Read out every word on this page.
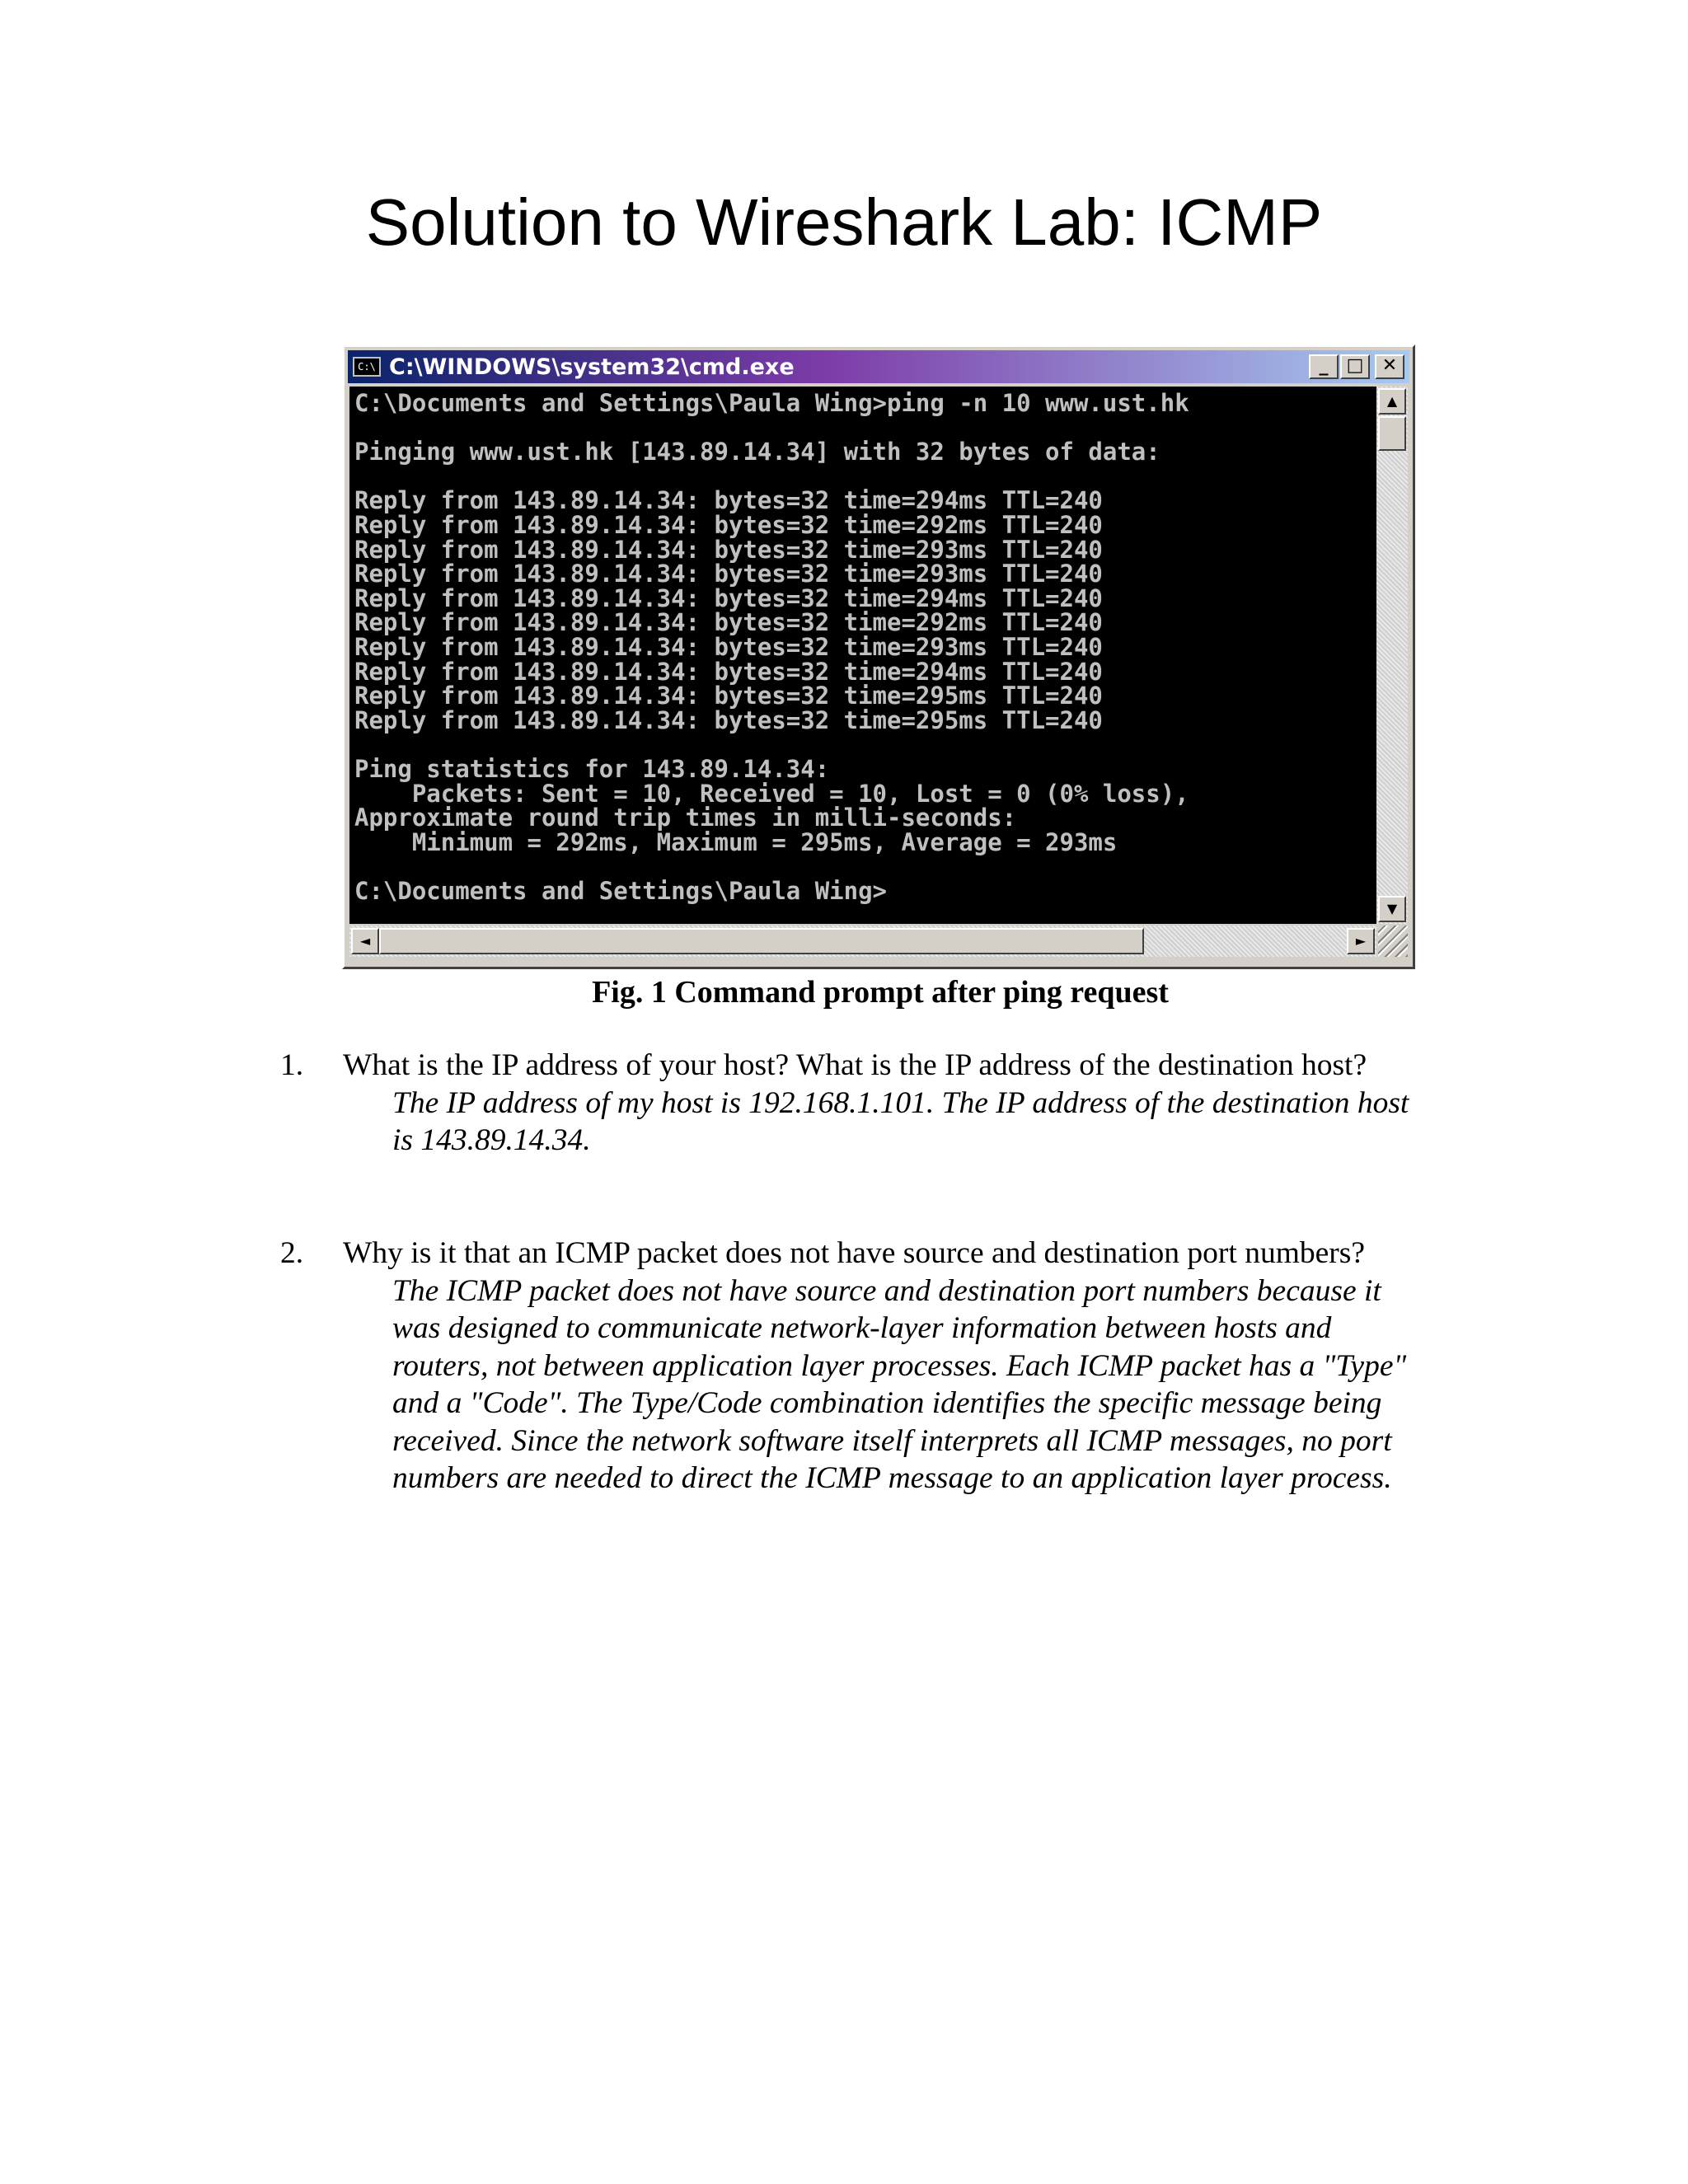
Solution to Wireshark Lab: ICMP
C:\ C:\WINDOWS\system32\cmd.exe	_	□	✕
C:\Documents and Settings\Paula Wing>ping -n 10 www.ust.hk

Pinging www.ust.hk [143.89.14.34] with 32 bytes of data:

Reply from 143.89.14.34: bytes=32 time=294ms TTL=240
Reply from 143.89.14.34: bytes=32 time=292ms TTL=240
Reply from 143.89.14.34: bytes=32 time=293ms TTL=240
Reply from 143.89.14.34: bytes=32 time=293ms TTL=240
Reply from 143.89.14.34: bytes=32 time=294ms TTL=240
Reply from 143.89.14.34: bytes=32 time=292ms TTL=240
Reply from 143.89.14.34: bytes=32 time=293ms TTL=240
Reply from 143.89.14.34: bytes=32 time=294ms TTL=240
Reply from 143.89.14.34: bytes=32 time=295ms TTL=240
Reply from 143.89.14.34: bytes=32 time=295ms TTL=240

Ping statistics for 143.89.14.34:
Packets: Sent = 10, Received = 10, Lost = 0 (0% loss),
Approximate round trip times in milli-seconds:
Minimum = 292ms, Maximum = 295ms, Average = 293ms

C:\Documents and Settings\Paula Wing>
▲
▼
◄	►
Fig. 1 Command prompt after ping request
1. What is the IP address of your host? What is the IP address of the destination host?
The IP address of my host is 192.168.1.101. The IP address of the destination host is 143.89.14.34.
2. Why is it that an ICMP packet does not have source and destination port numbers?
The ICMP packet does not have source and destination port numbers because it was designed to communicate network-layer information between hosts and routers, not between application layer processes. Each ICMP packet has a "Type" and a "Code". The Type/Code combination identifies the specific message being received. Since the network software itself interprets all ICMP messages, no port numbers are needed to direct the ICMP message to an application layer process.
